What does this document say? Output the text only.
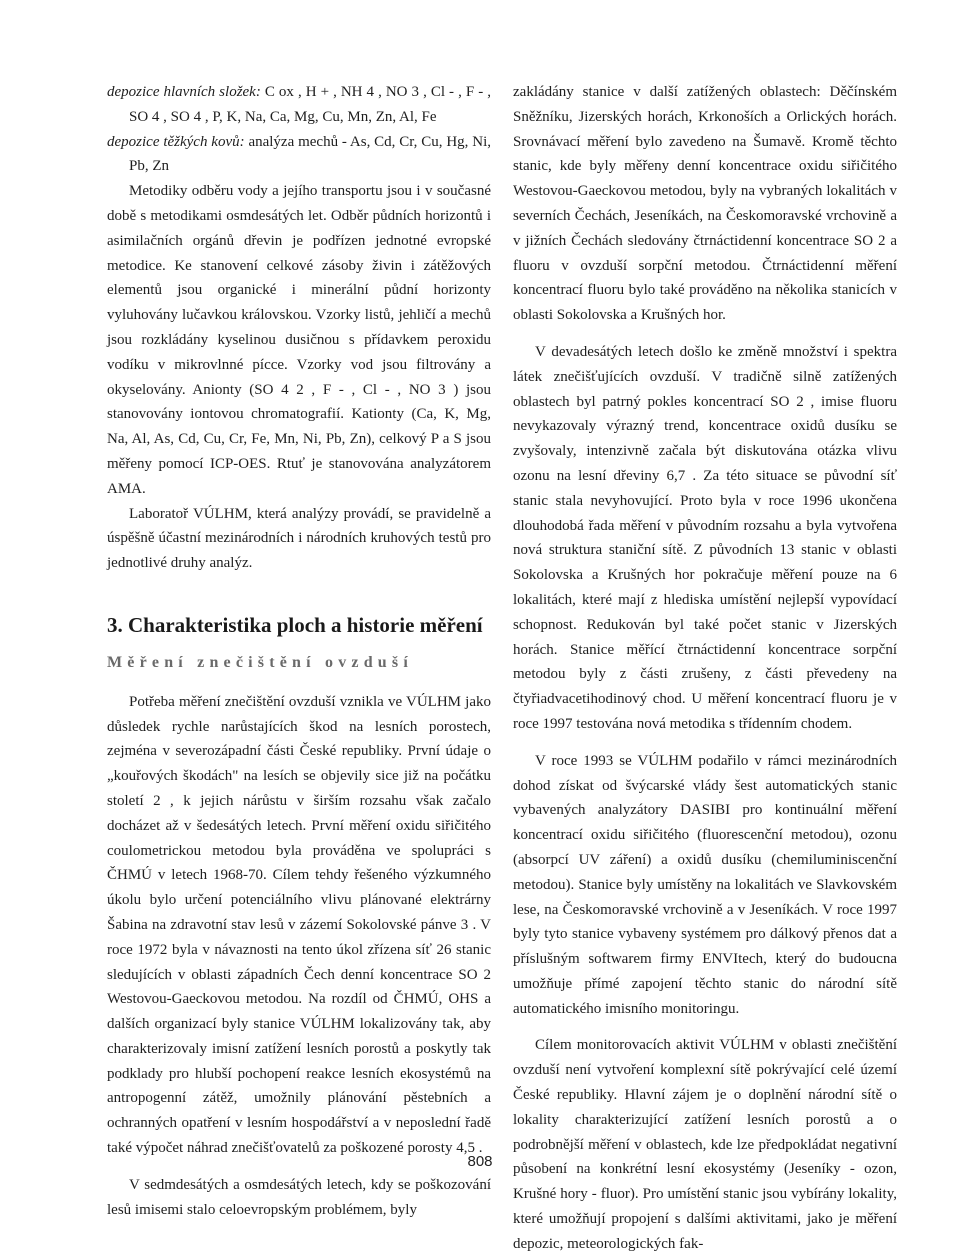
depozice hlavních složek: C ox , H + , NH 4 , NO 3 , Cl - , F - , SO 4 , SO 4 , P, K, Na, Ca, Mg, Cu, Mn, Zn, Al, Fe

depozice těžkých kovů: analýza mechů - As, Cd, Cr, Cu, Hg, Ni, Pb, Zn

Metodiky odběru vody a jejího transportu jsou i v současné době s metodikami osmdesátých let. Odběr půdních horizontů i asimilačních orgánů dřevin je podřízen jednotné evropské metodice. Ke stanovení celkové zásoby živin i zátěžových elementů jsou organické i minerální půdní horizonty vyluhovány lučavkou královskou. Vzorky listů, jehličí a mechů jsou rozkládány kyselinou dusičnou s přídavkem peroxidu vodíku v mikrovlnné pícce. Vzorky vod jsou filtrovány a okyselovány. Anionty (SO 4 2 , F - , Cl - , NO 3 ) jsou stanovovány iontovou chromatografií. Kationty (Ca, K, Mg, Na, Al, As, Cd, Cu, Cr, Fe, Mn, Ni, Pb, Zn), celkový P a S jsou měřeny pomocí ICP-OES. Rtuť je stanovována analyzátorem AMA.

Laboratoř VÚLHM, která analýzy provádí, se pravidelně a úspěšně účastní mezinárodních i národních kruhových testů pro jednotlivé druhy analýz.

3. Charakteristika ploch a historie měření
Měření znečištění ovzduší

Potřeba měření znečištění ovzduší vznikla ve VÚLHM jako důsledek rychle narůstajících škod na lesních porostech, zejména v severozápadní části České republiky. První údaje o „kouřových škodách" na lesích se objevily sice již na počátku století 2 , k jejich nárůstu v širším rozsahu však začalo docházet až v šedesátých letech. První měření oxidu siřičitého coulometrickou metodou byla prováděna ve spolupráci s ČHMÚ v letech 1968-70. Cílem tehdy řešeného výzkumného úkolu bylo určení potenciálního vlivu plánované elektrárny Šabina na zdravotní stav lesů v zázemí Sokolovské pánve 3 . V roce 1972 byla v návaznosti na tento úkol zřízena síť 26 stanic sledujících v oblasti západních Čech denní koncentrace SO 2 Westovou-Gaeckovou metodou. Na rozdíl od ČHMÚ, OHS a dalších organizací byly stanice VÚLHM lokalizovány tak, aby charakterizovaly imisní zatížení lesních porostů a poskytly tak podklady pro hlubší pochopení reakce lesních ekosystémů na antropogenní zátěž, umožnily plánování pěstebních a ochranných opatření v lesním hospodářství a v neposlední řadě také výpočet náhrad znečišťovatelů za poškozené porosty 4,5 .

V sedmdesátých a osmdesátých letech, kdy se poškozování lesů imisemi stalo celoevropským problémem, byly

zakládány stanice v další zatížených oblastech: Děčínském Sněžníku, Jizerských horách, Krkonoších a Orlických horách. Srovnávací měření bylo zavedeno na Šumavě. Kromě těchto stanic, kde byly měřeny denní koncentrace oxidu siřičitého Westovou-Gaeckovou metodou, byly na vybraných lokalitách v severních Čechách, Jeseníkách, na Českomoravské vrchovině a v jižních Čechách sledovány čtrnáctidenní koncentrace SO 2 a fluoru v ovzduší sorpční metodou. Čtrnáctidenní měření koncentrací fluoru bylo také prováděno na několika stanicích v oblasti Sokolovska a Krušných hor.

V devadesátých letech došlo ke změně množství i spektra látek znečišťujících ovzduší. V tradičně silně zatížených oblastech byl patrný pokles koncentrací SO 2 , imise fluoru nevykazovaly výrazný trend, koncentrace oxidů dusíku se zvyšovaly, intenzivně začala být diskutována otázka vlivu ozonu na lesní dřeviny 6,7 . Za této situace se původní síť stanic stala nevyhovující. Proto byla v roce 1996 ukončena dlouhodobá řada měření v původním rozsahu a byla vytvořena nová struktura staniční sítě. Z původních 13 stanic v oblasti Sokolovska a Krušných hor pokračuje měření pouze na 6 lokalitách, které mají z hlediska umístění nejlepší vypovídací schopnost. Redukován byl také počet stanic v Jizerských horách. Stanice měřící čtrnáctidenní koncentrace sorpční metodou byly z části zrušeny, z části převedeny na čtyřiadvacetihodinový chod. U měření koncentrací fluoru je v roce 1997 testována nová metodika s třídenním chodem.

V roce 1993 se VÚLHM podařilo v rámci mezinárodních dohod získat od švýcarské vlády šest automatických stanic vybavených analyzátory DASIBI pro kontinuální měření koncentrací oxidu siřičitého (fluorescenční metodou), ozonu (absorpcí UV záření) a oxidů dusíku (chemiluminiscenční metodou). Stanice byly umístěny na lokalitách ve Slavkovském lese, na Českomoravské vrchovině a v Jeseníkách. V roce 1997 byly tyto stanice vybaveny systémem pro dálkový přenos dat a příslušným softwarem firmy ENVItech, který do budoucna umožňuje přímé zapojení těchto stanic do národní sítě automatického imisního monitoringu.

Cílem monitorovacích aktivit VÚLHM v oblasti znečištění ovzduší není vytvoření komplexní sítě pokrývající celé území České republiky. Hlavní zájem je o doplnění národní sítě o lokality charakterizující zatížení lesních porostů a o podrobnější měření v oblastech, kde lze předpokládat negativní působení na konkrétní lesní ekosystémy (Jeseníky - ozon, Krušné hory - fluor). Pro umístění stanic jsou vybírány lokality, které umožňují propojení s dalšími aktivitami, jako je měření depozic, meteorologických fak-

808
